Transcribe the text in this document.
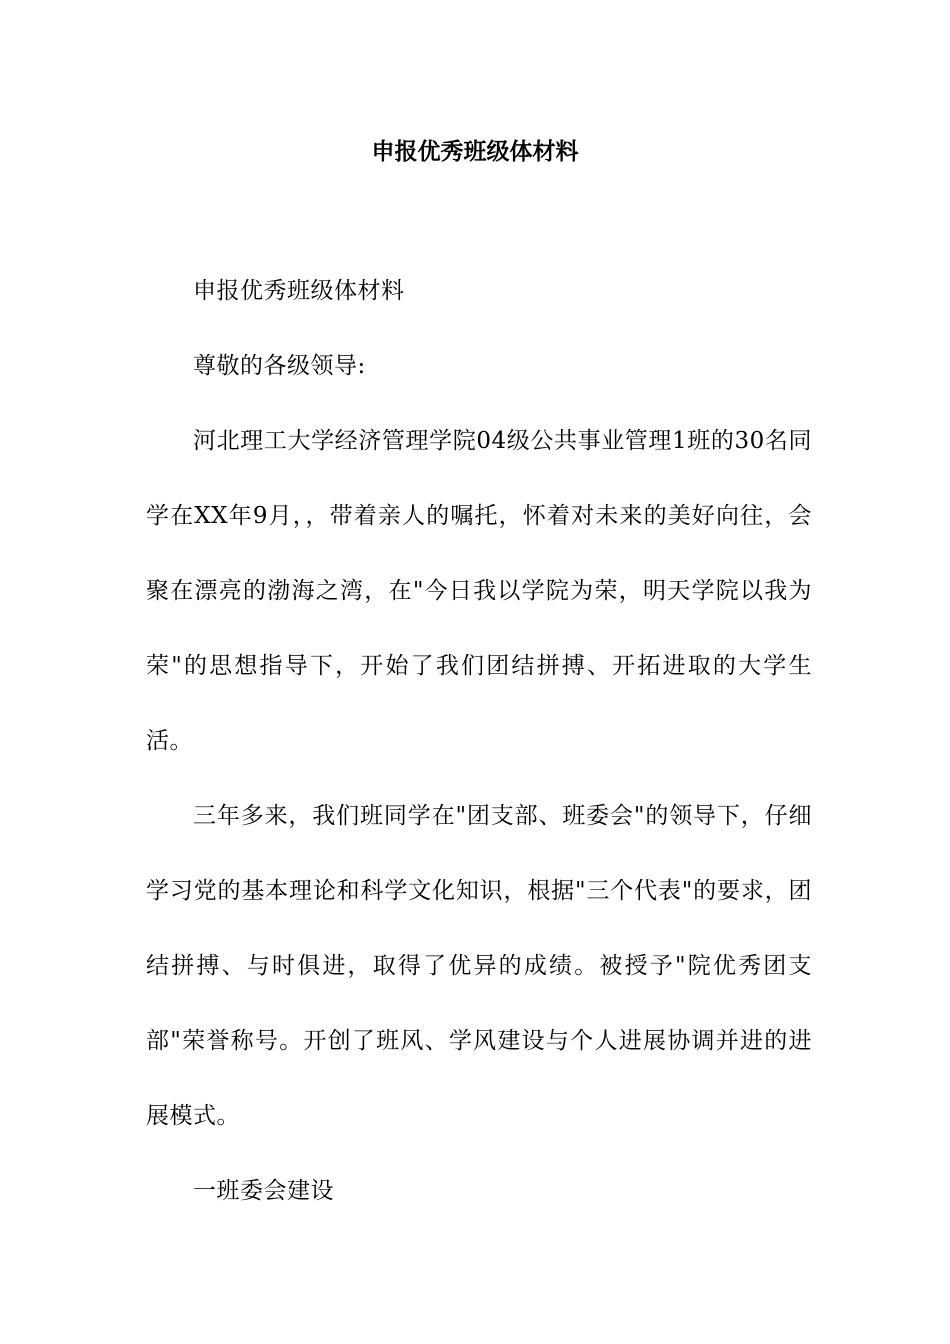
申报优秀班级体材料

申报优秀班级体材料

尊敬的各级领导:

河北理工大学经济管理学院04级公共事业管理1班的30名同学在XX年9月，，带着亲人的嘱托，怀着对未来的美好向往，会聚在漂亮的渤海之湾，在"今日我以学院为荣，明天学院以我为荣"的思想指导下，开始了我们团结拼搏、开拓进取的大学生活。

三年多来，我们班同学在"团支部、班委会"的领导下，仔细学习党的基本理论和科学文化知识，根据"三个代表"的要求，团结拼搏、与时俱进，取得了优异的成绩。被授予"院优秀团支部"荣誉称号。开创了班风、学风建设与个人进展协调并进的进展模式。

一班委会建设
